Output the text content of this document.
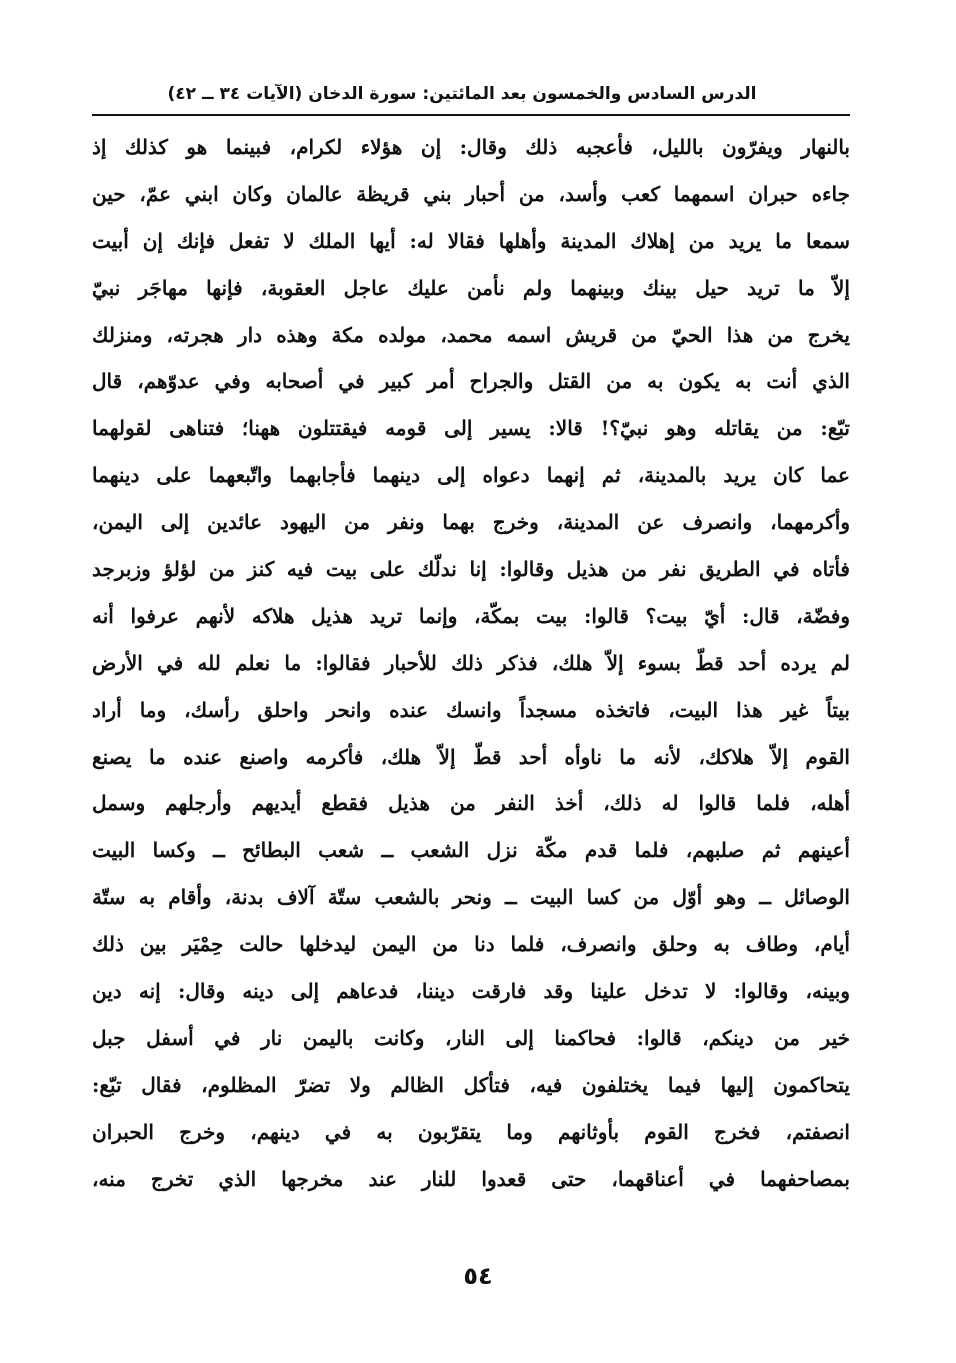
الدرس السادس والخمسون بعد المائتين: سورة الدخان (الآيات ٣٤ ــ ٤٢)
بالنهار ويفرّون بالليل، فأعجبه ذلك وقال: إن هؤلاء لكرام، فبينما هو كذلك إذ
جاءه حبران اسمهما كعب وأسد، من أحبار بني قريظة عالمان وكان ابني عمّ، حين
سمعا ما يريد من إهلاك المدينة وأهلها فقالا له: أيها الملك لا تفعل فإنك إن أبيت
إلاّ ما تريد حيل بينك وبينهما ولم نأمن عليك عاجل العقوبة، فإنها مهاجَر نبيّ
يخرج من هذا الحيّ من قريش اسمه محمد، مولده مكة وهذه دار هجرته، ومنزلك
الذي أنت به يكون به من القتل والجراح أمر كبير في أصحابه وفي عدوّهم، قال
تبّع: من يقاتله وهو نبيّ؟! قالا: يسير إلى قومه فيقتتلون ههنا؛ فتناهى لقولهما
عما كان يريد بالمدينة، ثم إنهما دعواه إلى دينهما فأجابهما واتّبعهما على دينهما
وأكرمهما، وانصرف عن المدينة، وخرج بهما ونفر من اليهود عائدين إلى اليمن،
فأتاه في الطريق نفر من هذيل وقالوا: إنا ندلّك على بيت فيه كنز من لؤلؤ وزبرجد
وفضّة، قال: أيّ بيت؟ قالوا: بيت بمكّة، وإنما تريد هذيل هلاكه لأنهم عرفوا أنه
لم يرده أحد قطّ بسوء إلاّ هلك، فذكر ذلك للأحبار فقالوا: ما نعلم لله في الأرض
بيتاً غير هذا البيت، فاتخذه مسجداً وانسك عنده وانحر واحلق رأسك، وما أراد
القوم إلاّ هلاكك، لأنه ما ناوأه أحد قطّ إلاّ هلك، فأكرمه واصنع عنده ما يصنع
أهله، فلما قالوا له ذلك، أخذ النفر من هذيل فقطع أيديهم وأرجلهم وسمل
أعينهم ثم صلبهم، فلما قدم مكّة نزل الشعب ــ شعب البطائح ــ وكسا البيت
الوصائل ــ وهو أوّل من كسا البيت ــ ونحر بالشعب ستّة آلاف بدنة، وأقام به ستّة
أيام، وطاف به وحلق وانصرف، فلما دنا من اليمن ليدخلها حالت حِمْيَر بين ذلك
وبينه، وقالوا: لا تدخل علينا وقد فارقت ديننا، فدعاهم إلى دينه وقال: إنه دين
خير من دينكم، قالوا: فحاكمنا إلى النار، وكانت باليمن نار في أسفل جبل
يتحاكمون إليها فيما يختلفون فيه، فتأكل الظالم ولا تضرّ المظلوم، فقال تبّع:
انصفتم، فخرج القوم بأوثانهم وما يتقرّبون به في دينهم، وخرج الحبران
بمصاحفهما في أعناقهما، حتى قعدوا للنار عند مخرجها الذي تخرج منه،
٥٤
